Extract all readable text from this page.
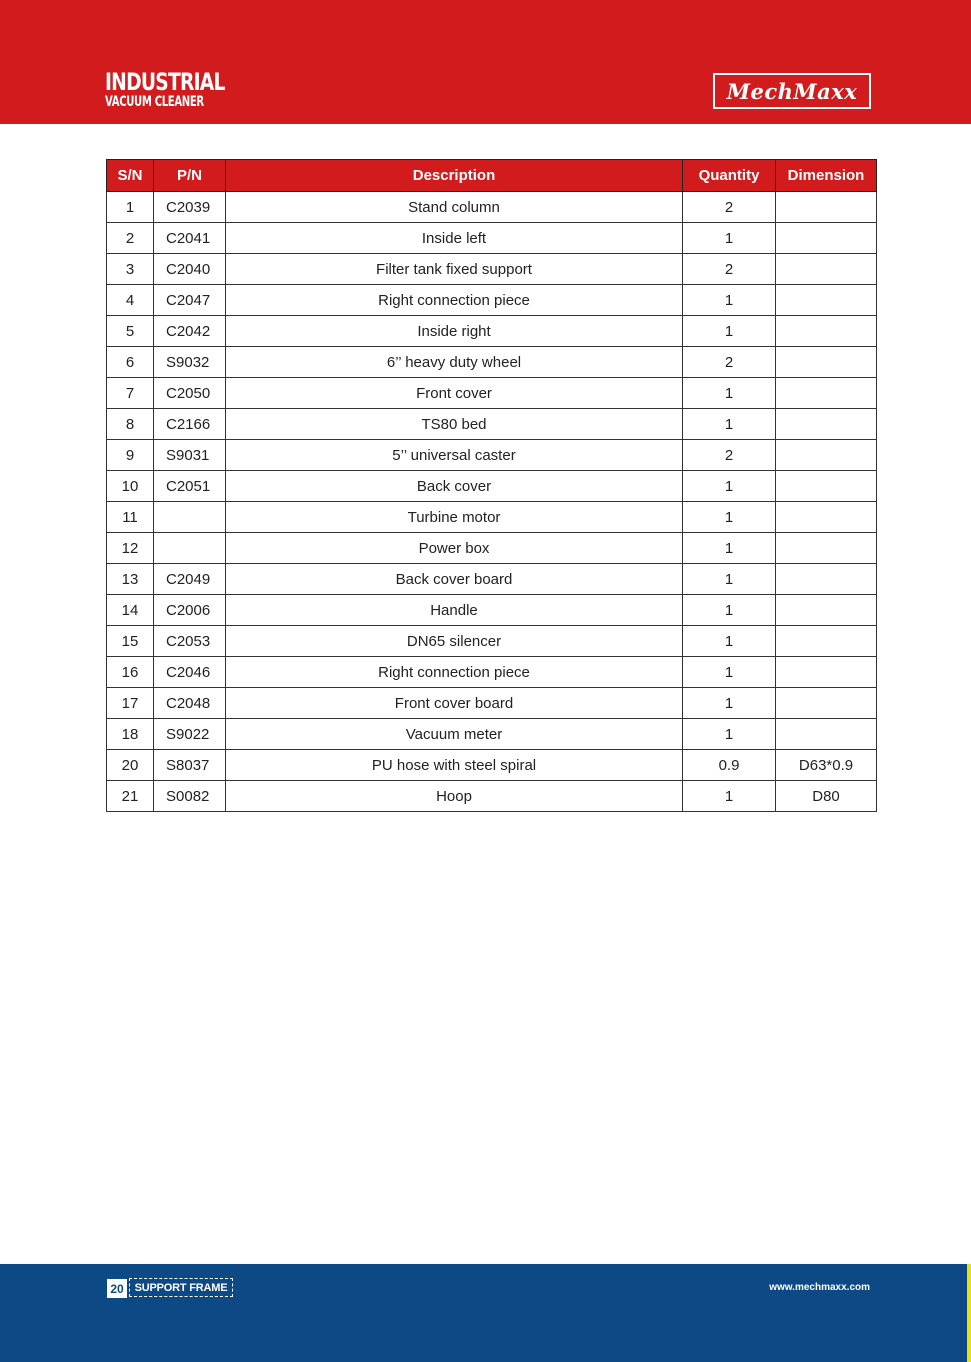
INDUSTRIAL
VACUUM CLEANER	MechMaxx
S/N	P/N	Description	Quantity	Dimension
1	C2039	Stand column	2	
2	C2041	Inside left	1	
3	C2040	Filter tank fixed support	2	
4	C2047	Right connection piece	1	
5	C2042	Inside right	1	
6	S9032	6’’ heavy duty wheel	2	
7	C2050	Front cover	1	
8	C2166	TS80 bed	1	
9	S9031	5’’ universal caster	2	
10	C2051	Back cover	1	
11		Turbine motor	1	
12		Power box	1	
13	C2049	Back cover board	1	
14	C2006	Handle	1	
15	C2053	DN65 silencer	1	
16	C2046	Right connection piece	1	
17	C2048	Front cover board	1	
18	S9022	Vacuum meter	1	
20	S8037	PU hose with steel spiral	0.9	D63*0.9
21	S0082	Hoop	1	D80
20 SUPPORT FRAME	www.mechmaxx.com
